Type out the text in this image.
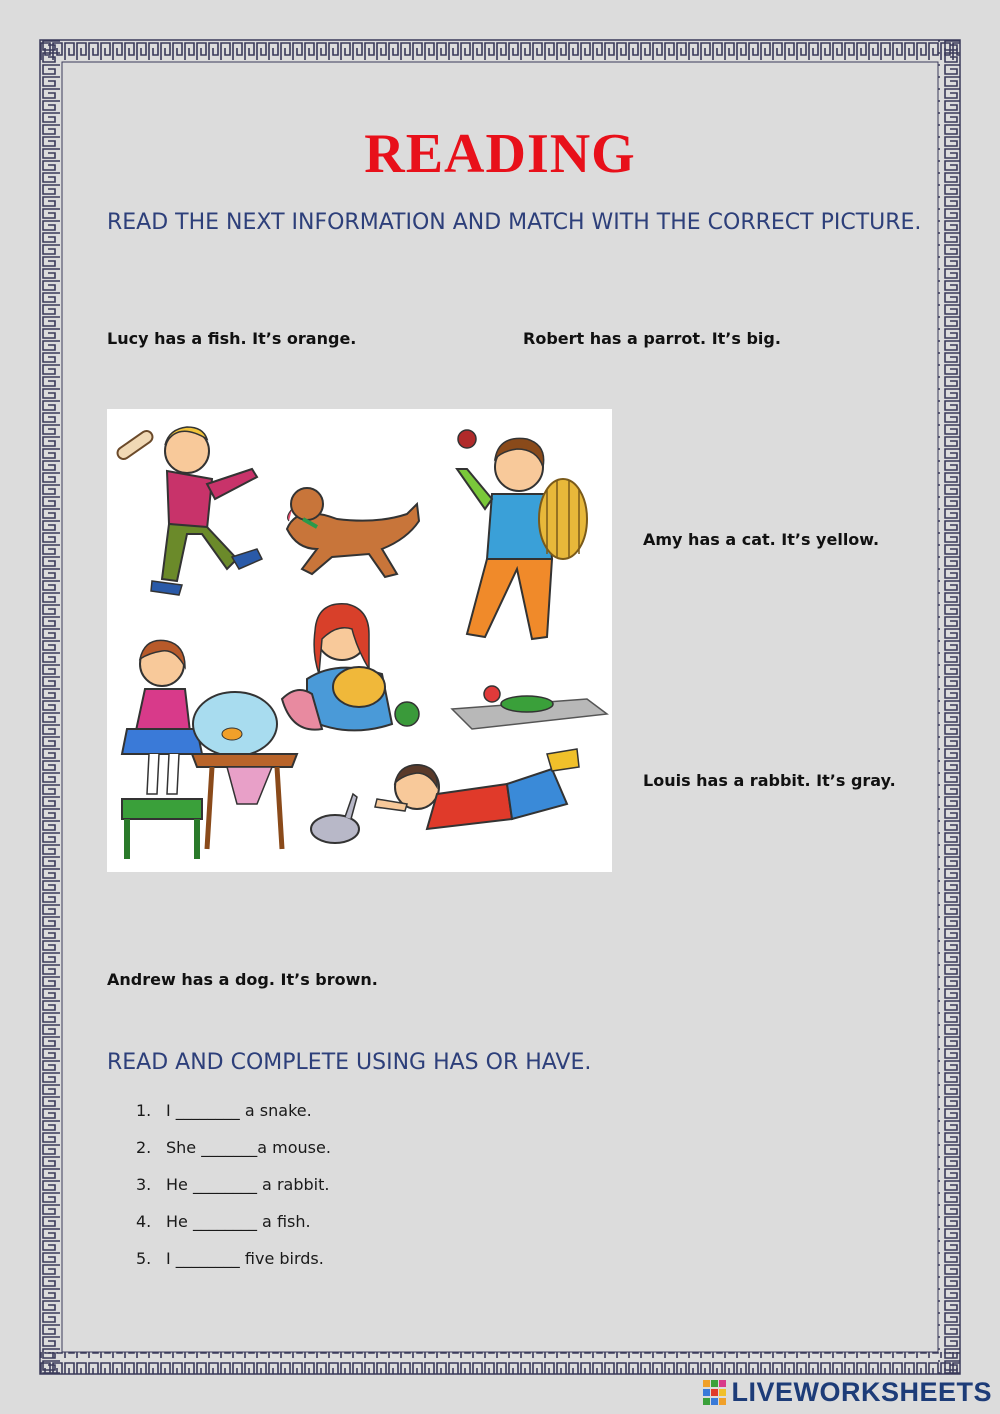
READING
READ THE NEXT INFORMATION AND MATCH WITH THE CORRECT PICTURE.
Lucy has a fish. It’s orange.	Robert has a parrot. It’s big.
Amy has a cat. It’s yellow.
Louis has a rabbit. It’s gray.
Andrew has a dog. It’s brown.
READ AND COMPLETE USING HAS OR HAVE.
1. I ________ a snake.
2. She _______a mouse.
3. He ________ a rabbit.
4. He ________ a fish.
5. I ________ five birds.
LIVEWORKSHEETS
